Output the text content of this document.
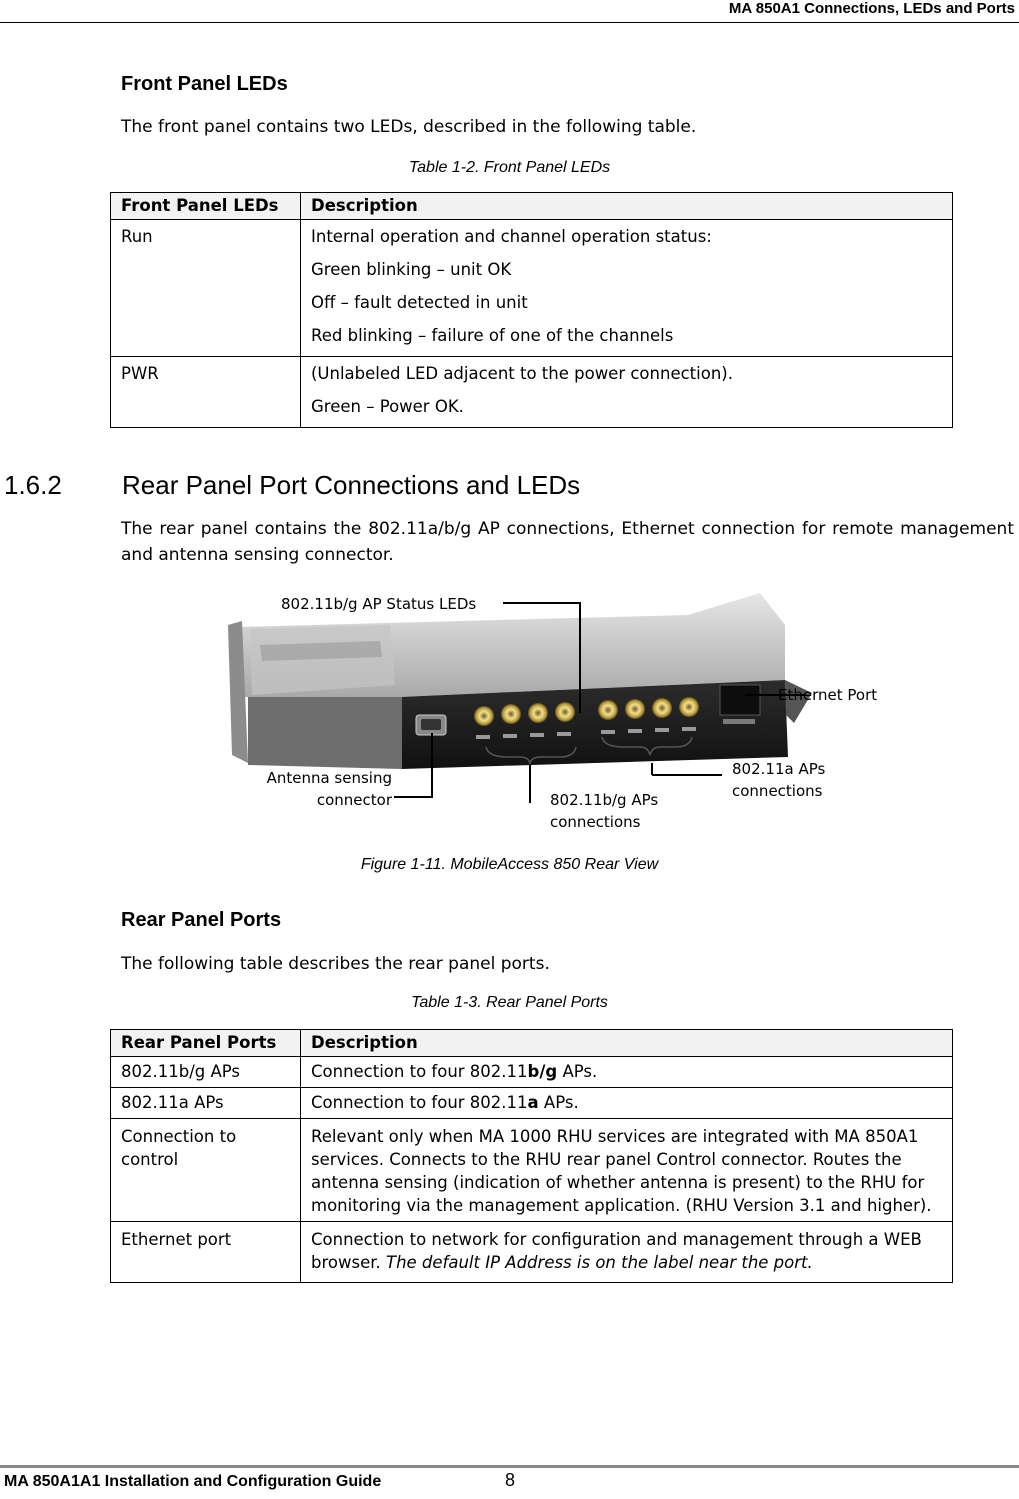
MA 850A1 Connections, LEDs and Ports
Front Panel LEDs
The front panel contains two LEDs, described in the following table.
Table 1-2. Front Panel LEDs
Front Panel LEDs	Description

Run	Internal operation and channel operation status:
Green blinking – unit OK
Off – fault detected in unit
Red blinking – failure of one of the channels

PWR	(Unlabeled LED adjacent to the power connection).
Green – Power OK.
1.6.2 Rear Panel Port Connections and LEDs
The rear panel contains the 802.11a/b/g AP connections, Ethernet connection for remote management and antenna sensing connector.
802.11b/g AP Status LEDs
Ethernet Port
Antenna sensing
connector	802.11b/g APs
connections
802.11a APs
connections
Figure 1-11. MobileAccess 850 Rear View
Rear Panel Ports
The following table describes the rear panel ports.
Table 1-3. Rear Panel Ports
Rear Panel Ports	Description
802.11b/g APs	Connection to four 802.11b/g APs.
802.11a APs	Connection to four 802.11a APs.
Connection to control	Relevant only when MA 1000 RHU services are integrated with MA 850A1 services. Connects to the RHU rear panel Control connector. Routes the antenna sensing (indication of whether antenna is present) to the RHU for monitoring via the management application. (RHU Version 3.1 and higher).
Ethernet port	Connection to network for configuration and management through a WEB browser. The default IP Address is on the label near the port.
MA 850A1A1 Installation and Configuration Guide	8
